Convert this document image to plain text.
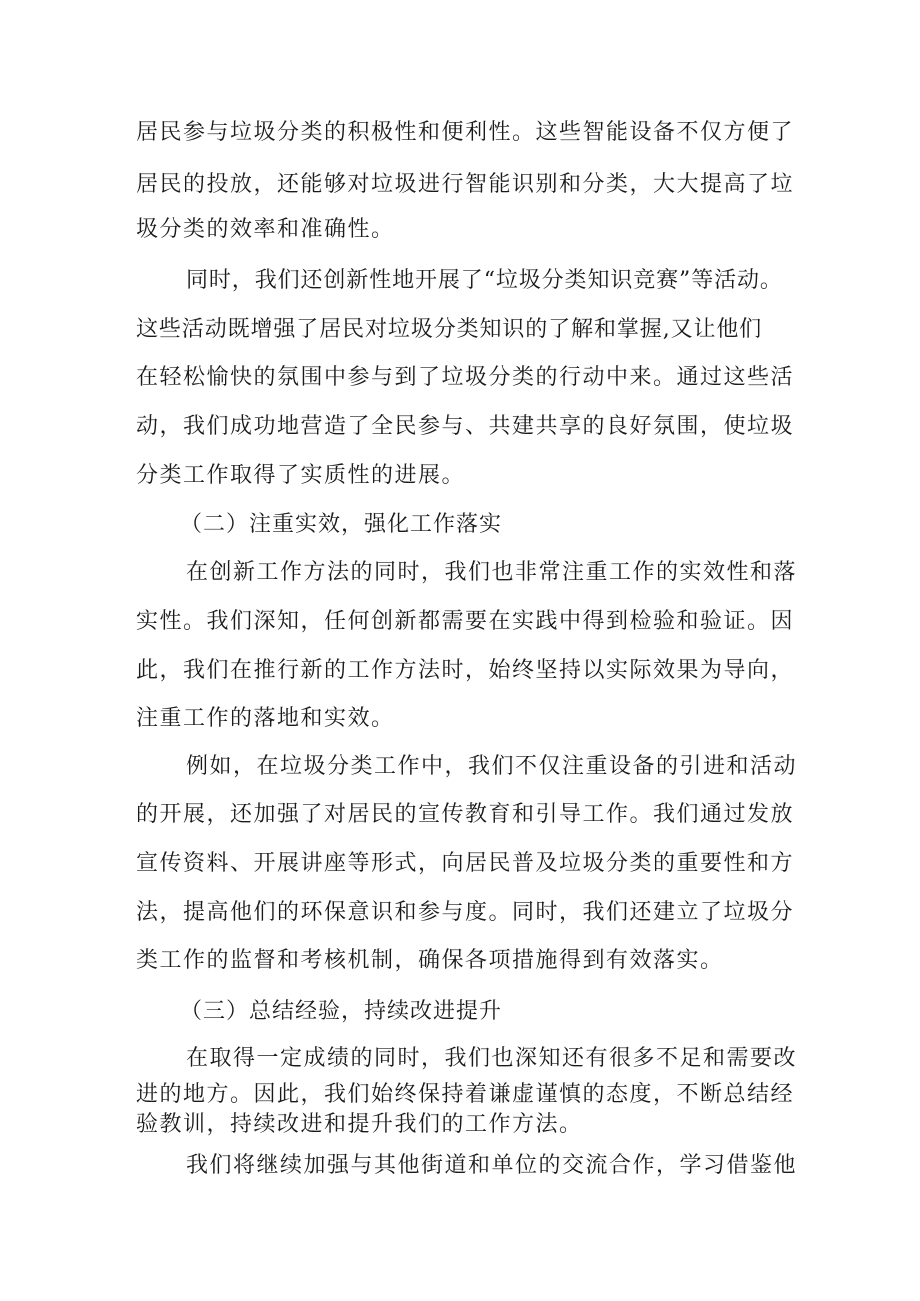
居民参与垃圾分类的积极性和便利性。这些智能设备不仅方便了
居民的投放，还能够对垃圾进行智能识别和分类，大大提高了垃
圾分类的效率和准确性。
同时，我们还创新性地开展了“垃圾分类知识竞赛”等活动。
这些活动既增强了居民对垃圾分类知识的了解和掌握,又让他们
在轻松愉快的氛围中参与到了垃圾分类的行动中来。通过这些活
动，我们成功地营造了全民参与、共建共享的良好氛围，使垃圾
分类工作取得了实质性的进展。
（二）注重实效，强化工作落实
在创新工作方法的同时，我们也非常注重工作的实效性和落
实性。我们深知，任何创新都需要在实践中得到检验和验证。因
此，我们在推行新的工作方法时，始终坚持以实际效果为导向，
注重工作的落地和实效。
例如，在垃圾分类工作中，我们不仅注重设备的引进和活动
的开展，还加强了对居民的宣传教育和引导工作。我们通过发放
宣传资料、开展讲座等形式，向居民普及垃圾分类的重要性和方
法，提高他们的环保意识和参与度。同时，我们还建立了垃圾分
类工作的监督和考核机制，确保各项措施得到有效落实。
（三）总结经验，持续改进提升
在取得一定成绩的同时，我们也深知还有很多不足和需要改
进的地方。因此，我们始终保持着谦虚谨慎的态度，不断总结经
验教训，持续改进和提升我们的工作方法。
我们将继续加强与其他街道和单位的交流合作，学习借鉴他
